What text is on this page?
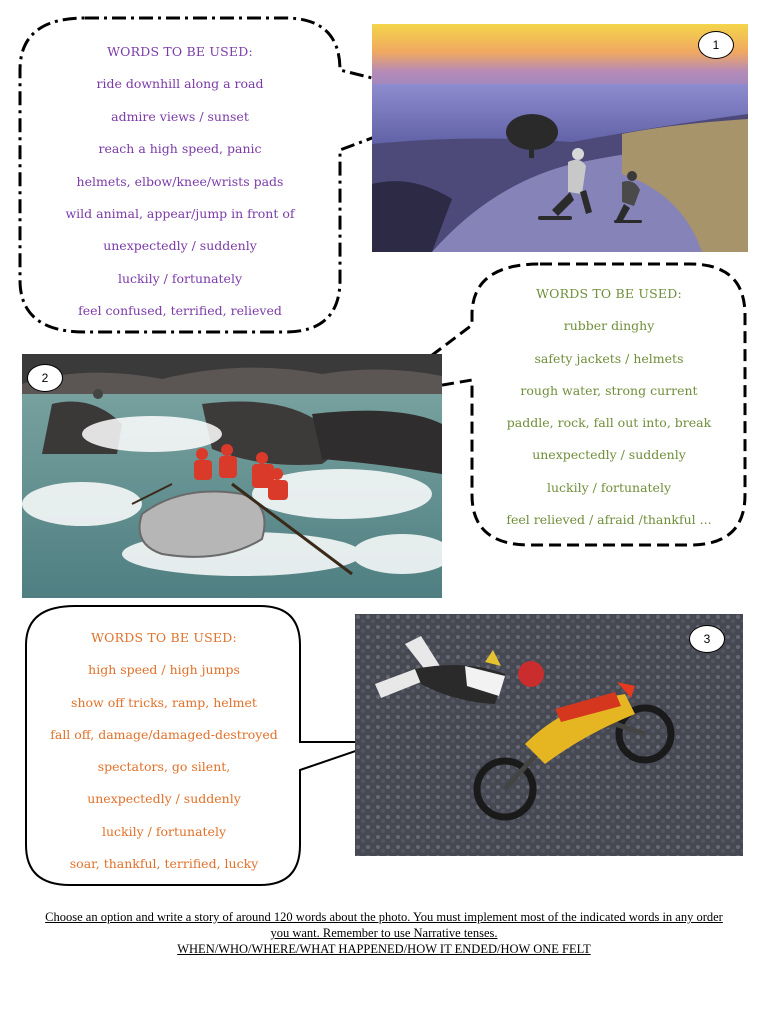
WORDS TO BE USED:
ride downhill along a road
admire views / sunset
reach a high speed, panic
helmets, elbow/knee/wrists pads
wild animal, appear/jump in front of
unexpectedly / suddenly
luckily / fortunately
feel confused, terrified, relieved
WORDS TO BE USED:
rubber dinghy
safety jackets / helmets
rough water, strong current
paddle, rock, fall out into, break
unexpectedly / suddenly
luckily / fortunately
feel relieved / afraid /thankful ...
WORDS TO BE USED:
high speed / high jumps
show off tricks, ramp, helmet
fall off, damage/damaged-destroyed
spectators, go silent,
unexpectedly / suddenly
luckily / fortunately
soar, thankful, terrified, lucky
1
2
3
Choose an option and write a story of around 120 words about the photo. You must implement most of the indicated words in any order you want. Remember to use Narrative tenses.
WHEN/WHO/WHERE/WHAT HAPPENED/HOW IT ENDED/HOW ONE FELT
